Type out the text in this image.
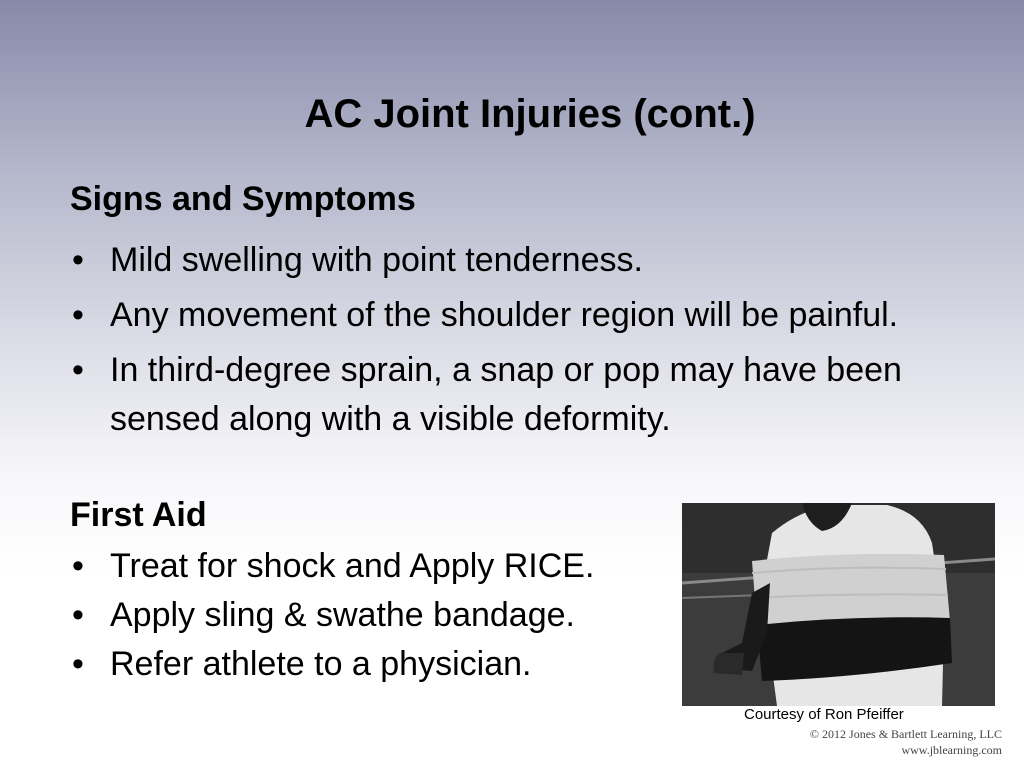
AC Joint Injuries (cont.)
Signs and Symptoms
• Mild swelling with point tenderness.
• Any movement of the shoulder region will be painful.
• In third-degree sprain, a snap or pop may have been sensed along with a visible deformity.
First Aid
• Treat for shock and Apply RICE.
• Apply sling & swathe bandage.
• Refer athlete to a physician.
Courtesy of Ron Pfeiffer
© 2012 Jones & Bartlett Learning, LLC
www.jblearning.com
